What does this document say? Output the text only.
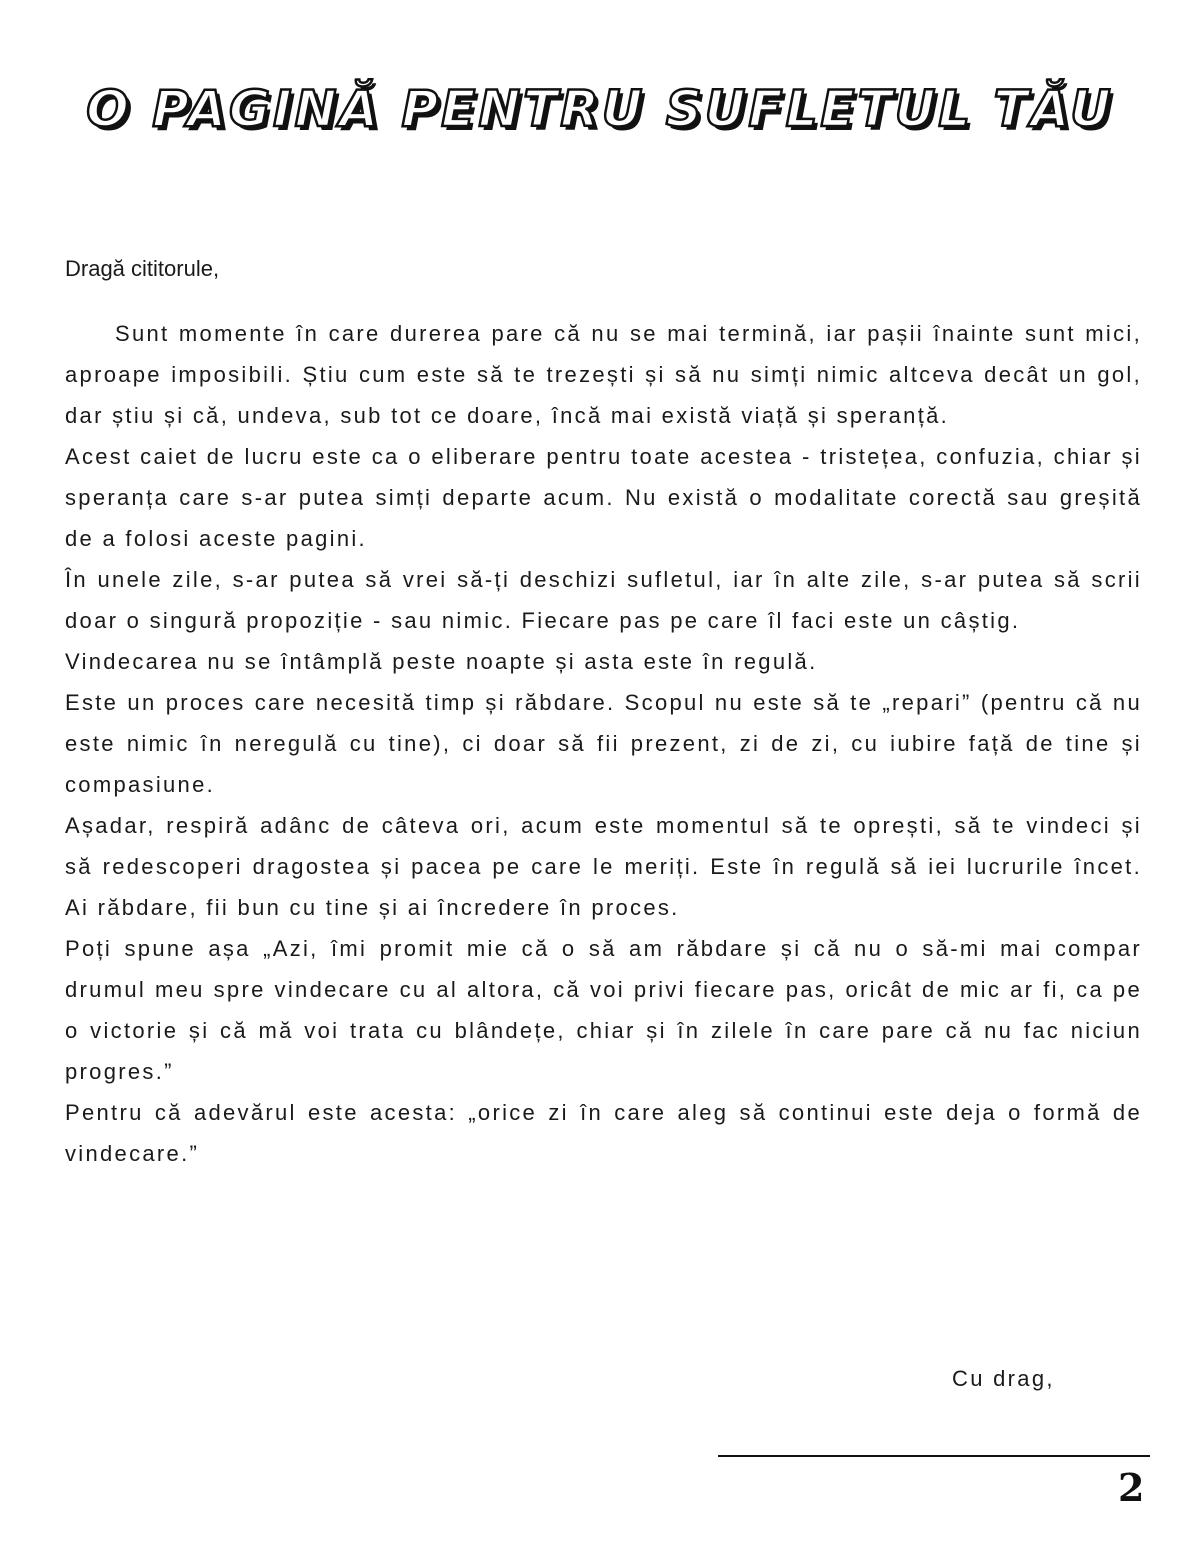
O PAGINĂ PENTRU SUFLETUL TĂU
Dragă cititorule,

Sunt momente în care durerea pare că nu se mai termină, iar pașii înainte sunt mici, aproape imposibili. Știu cum este să te trezești și să nu simți nimic altceva decât un gol, dar știu și că, undeva, sub tot ce doare, încă mai există viață și speranță.

Acest caiet de lucru este ca o eliberare pentru toate acestea - tristețea, confuzia, chiar și speranța care s-ar putea simți departe acum. Nu există o modalitate corectă sau greșită de a folosi aceste pagini.

În unele zile, s-ar putea să vrei să-ți deschizi sufletul, iar în alte zile, s-ar putea să scrii doar o singură propoziție - sau nimic. Fiecare pas pe care îl faci este un câștig.

Vindecarea nu se întâmplă peste noapte și asta este în regulă.

Este un proces care necesită timp și răbdare. Scopul nu este să te „repari” (pentru că nu este nimic în neregulă cu tine), ci doar să fii prezent, zi de zi, cu iubire față de tine și compasiune.

Așadar, respiră adânc de câteva ori, acum este momentul să te oprești, să te vindeci și să redescoperi dragostea și pacea pe care le meriți. Este în regulă să iei lucrurile încet. Ai răbdare, fii bun cu tine și ai încredere în proces.

Poți spune așa „Azi, îmi promit mie că o să am răbdare și că nu o să-mi mai compar drumul meu spre vindecare cu al altora, că voi privi fiecare pas, oricât de mic ar fi, ca pe o victorie și că mă voi trata cu blândețe, chiar și în zilele în care pare că nu fac niciun progres.”

Pentru că adevărul este acesta: „orice zi în care aleg să continui este deja o formă de vindecare.”

Cu drag,
2
